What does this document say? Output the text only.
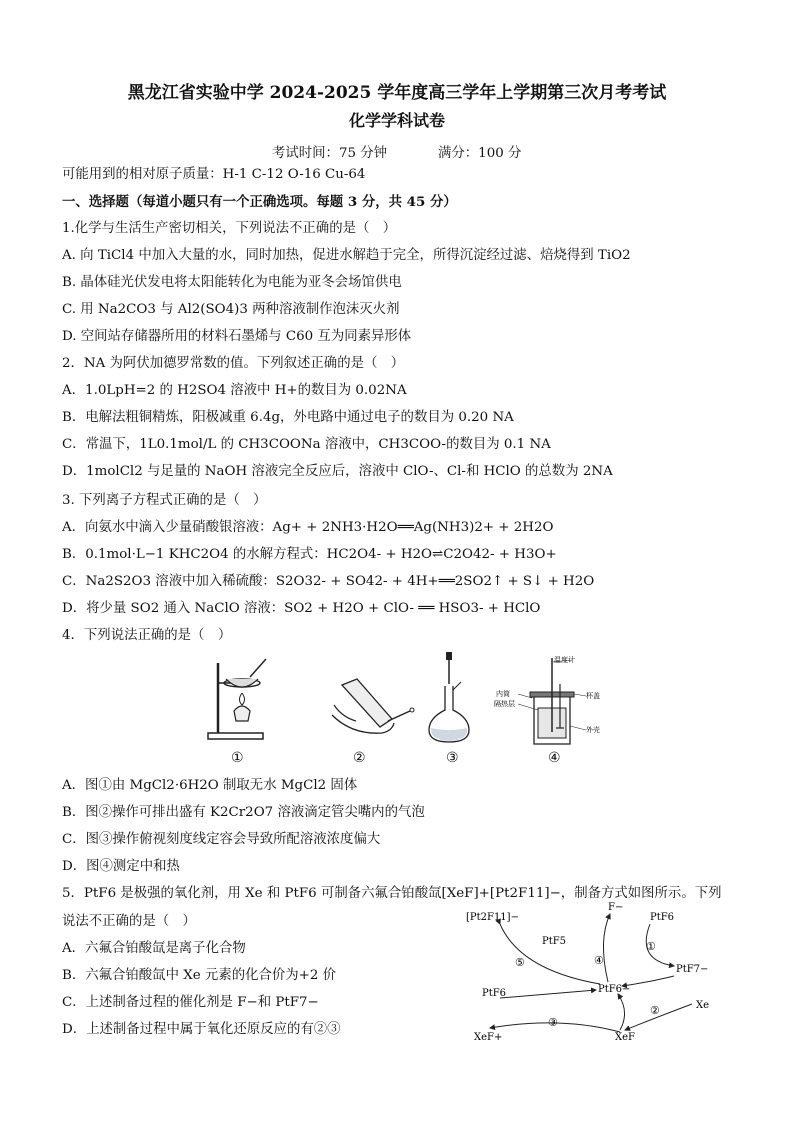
黑龙江省实验中学 2024-2025 学年度高三学年上学期第三次月考考试
化学学科试卷
考试时间：75 分钟	满分：100 分
可能用到的相对原子质量：H-1 C-12 O-16 Cu-64
一、选择题（每道小题只有一个正确选项。每题 3 分，共 45 分）
1.化学与生活生产密切相关，下列说法不正确的是（　）
A. 向 TiCl4 中加入大量的水，同时加热，促进水解趋于完全，所得沉淀经过滤、焙烧得到 TiO2
B. 晶体硅光伏发电将太阳能转化为电能为亚冬会场馆供电
C. 用 Na2CO3 与 Al2(SO4)3 两种溶液制作泡沫灭火剂
D. 空间站存储器所用的材料石墨烯与 C60 互为同素异形体
2．NA 为阿伏加德罗常数的值。下列叙述正确的是（　）
A．1.0LpH=2 的 H2SO4 溶液中 H+的数目为 0.02NA
B．电解法粗铜精炼，阳极减重 6.4g，外电路中通过电子的数目为 0.20 NA
C．常温下，1L0.1mol/L 的 CH3COONa 溶液中，CH3COO-的数目为 0.1 NA
D．1molCl2 与足量的 NaOH 溶液完全反应后，溶液中 ClO-、Cl-和 HClO 的总数为 2NA
3. 下列离子方程式正确的是（　）
A．向氨水中滴入少量硝酸银溶液：Ag+ + 2NH3·H2O══Ag(NH3)2+ + 2H2O
B．0.1mol·L−1 KHC2O4 的水解方程式：HC2O4- + H2O⇌C2O42- + H3O+
C．Na2S2O3 溶液中加入稀硫酸：S2O32- + SO42- + 4H+══2SO2↑ + S↓ + H2O
D．将少量 SO2 通入 NaClO 溶液：SO2 + H2O + ClO- ══ HSO3- + HClO
4．下列说法正确的是（　）
①	②	③
温度计
内筒
隔热层
杯盖
外壳
④
A．图①由 MgCl2·6H2O 制取无水 MgCl2 固体
B．图②操作可排出盛有 K2Cr2O7 溶液滴定管尖嘴内的气泡
C．图③操作俯视刻度线定容会导致所配溶液浓度偏大
D．图④测定中和热
5．PtF6 是极强的氧化剂，用 Xe 和 PtF6 可制备六氟合铂酸氙[XeF]+[Pt2F11]−，制备方式如图所示。下列
说法不正确的是（　）
A．六氟合铂酸氙是离子化合物
B．六氟合铂酸氙中 Xe 元素的化合价为+2 价
C．上述制备过程的催化剂是 F−和 PtF7−
D．上述制备过程中属于氧化还原反应的有②③
[Pt2F11]−
F−
PtF6
PtF5
PtF7−
PtF6	PtF6−
Xe
XeF+	XeF
⑤	④
①
②
③
